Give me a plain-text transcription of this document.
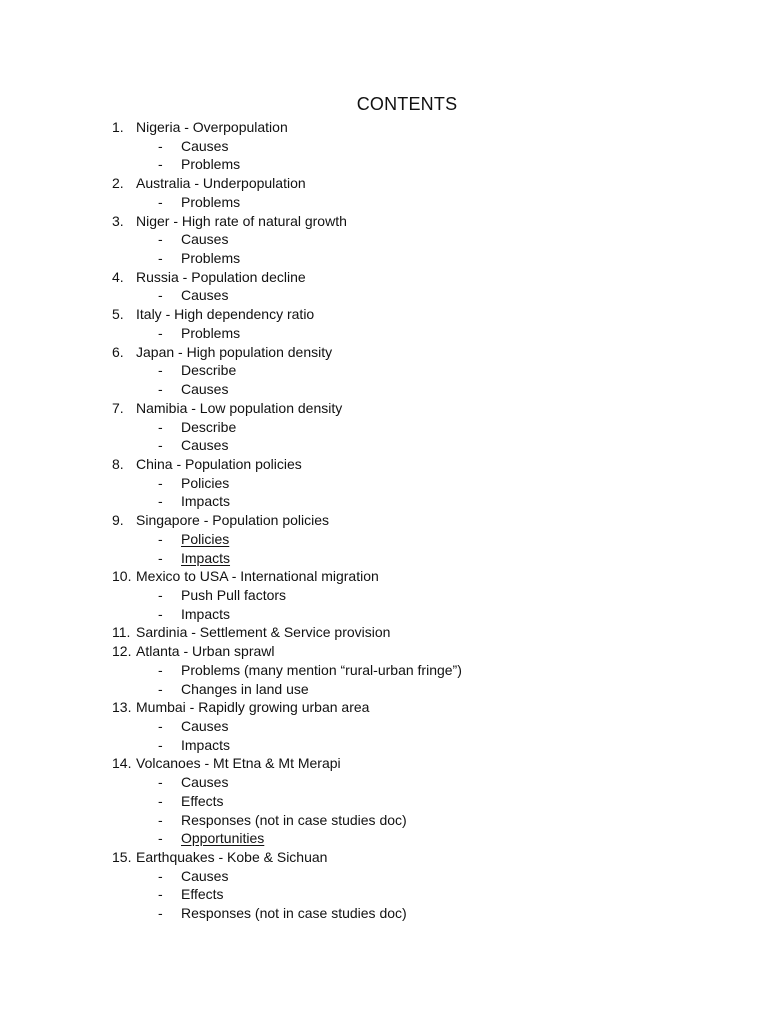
CONTENTS
1. Nigeria - Overpopulation
- Causes
- Problems
2. Australia - Underpopulation
- Problems
3. Niger - High rate of natural growth
- Causes
- Problems
4. Russia - Population decline
- Causes
5. Italy - High dependency ratio
- Problems
6. Japan - High population density
- Describe
- Causes
7. Namibia - Low population density
- Describe
- Causes
8. China - Population policies
- Policies
- Impacts
9. Singapore - Population policies
- Policies
- Impacts
10. Mexico to USA - International migration
- Push Pull factors
- Impacts
11. Sardinia - Settlement & Service provision
12. Atlanta - Urban sprawl
- Problems (many mention “rural-urban fringe”)
- Changes in land use
13. Mumbai - Rapidly growing urban area
- Causes
- Impacts
14. Volcanoes - Mt Etna & Mt Merapi
- Causes
- Effects
- Responses (not in case studies doc)
- Opportunities
15. Earthquakes - Kobe & Sichuan
- Causes
- Effects
- Responses (not in case studies doc)
